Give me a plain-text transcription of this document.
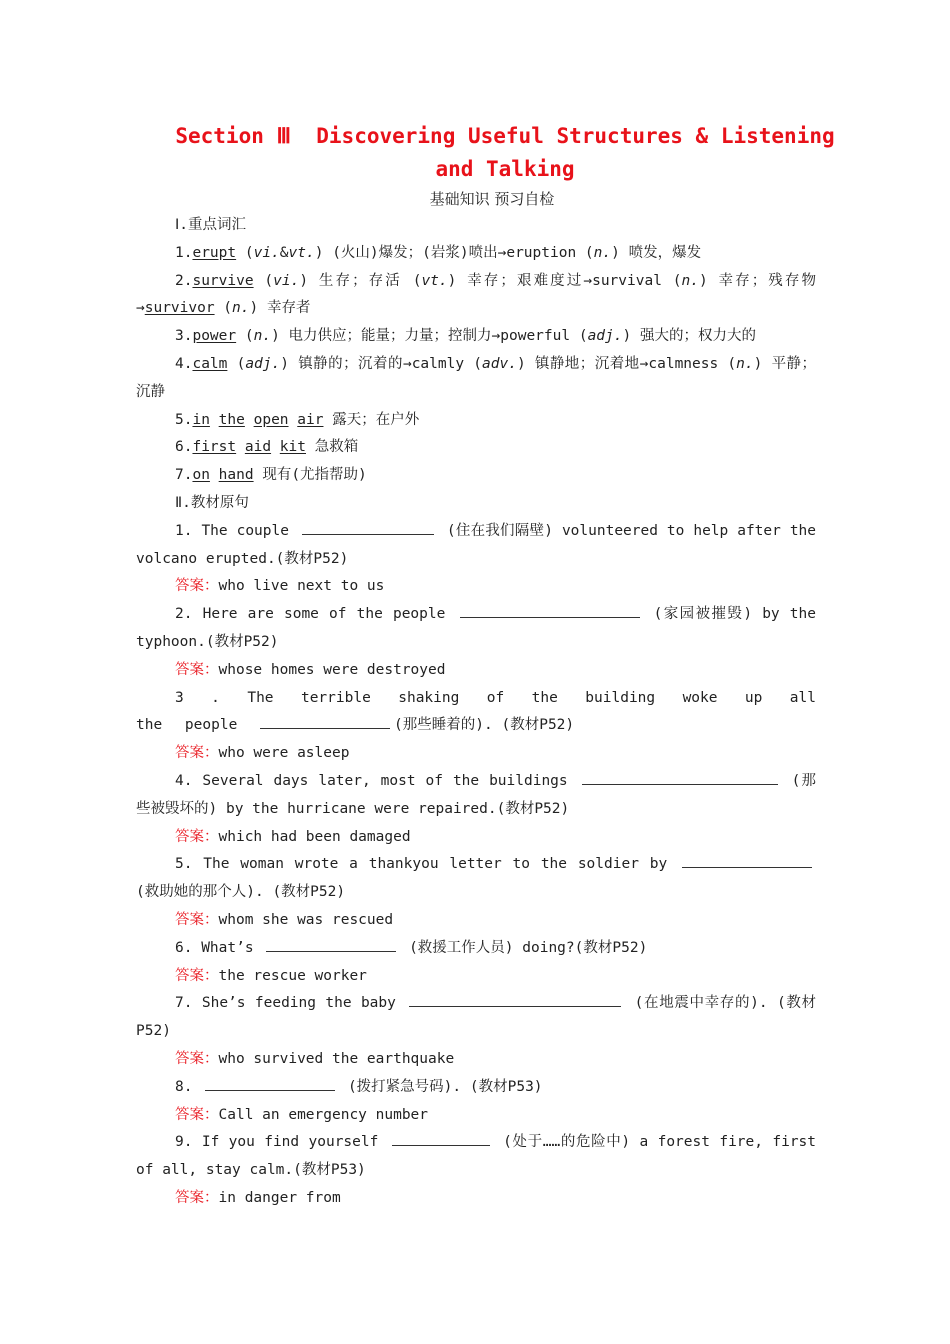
Section Ⅲ  Discovering Useful Structures & Listening
and Talking
基础知识 预习自检

Ⅰ.重点词汇

1.erupt (vi.&vt.) (火山)爆发；(岩浆)喷出→eruption (n.) 喷发，爆发

2.survive (vi.) 生存；存活 (vt.) 幸存；艰难度过→survival (n.) 幸存；残存物→survivor (n.) 幸存者

3.power (n.) 电力供应；能量；力量；控制力→powerful (adj.) 强大的；权力大的

4.calm (adj.) 镇静的；沉着的→calmly (adv.) 镇静地；沉着地→calmness (n.) 平静；沉静

5.in the open air 露天；在户外

6.first aid kit 急救箱

7.on hand 现有(尤指帮助)

Ⅱ.教材原句

1. The couple	(住在我们隔壁) volunteered to help after the volcano erupted.(教材P52)

答案：who live next to us

2. Here are some of the people	(家园被摧毁) by the typhoon.(教材P52)

答案：whose homes were destroyed

3 . The terrible shaking of the building woke up all the people	(那些睡着的). (教材P52)

答案：who were asleep

4. Several days later, most of the buildings	(那些被毁坏的) by the hurricane were repaired.(教材P52)

答案：which had been damaged

5. The woman wrote a thankyou letter to the soldier by  (救助她的那个人). (教材P52)

答案：whom she was rescued

6. What’s	(救援工作人员) doing?(教材P52)

答案：the rescue worker

7. She’s feeding the baby	(在地震中幸存的). (教材P52)

答案：who survived the earthquake

8.	(拨打紧急号码). (教材P53)

答案：Call an emergency number

9. If you find yourself	(处于……的危险中) a forest fire, first of all, stay calm.(教材P53)

答案：in danger from
